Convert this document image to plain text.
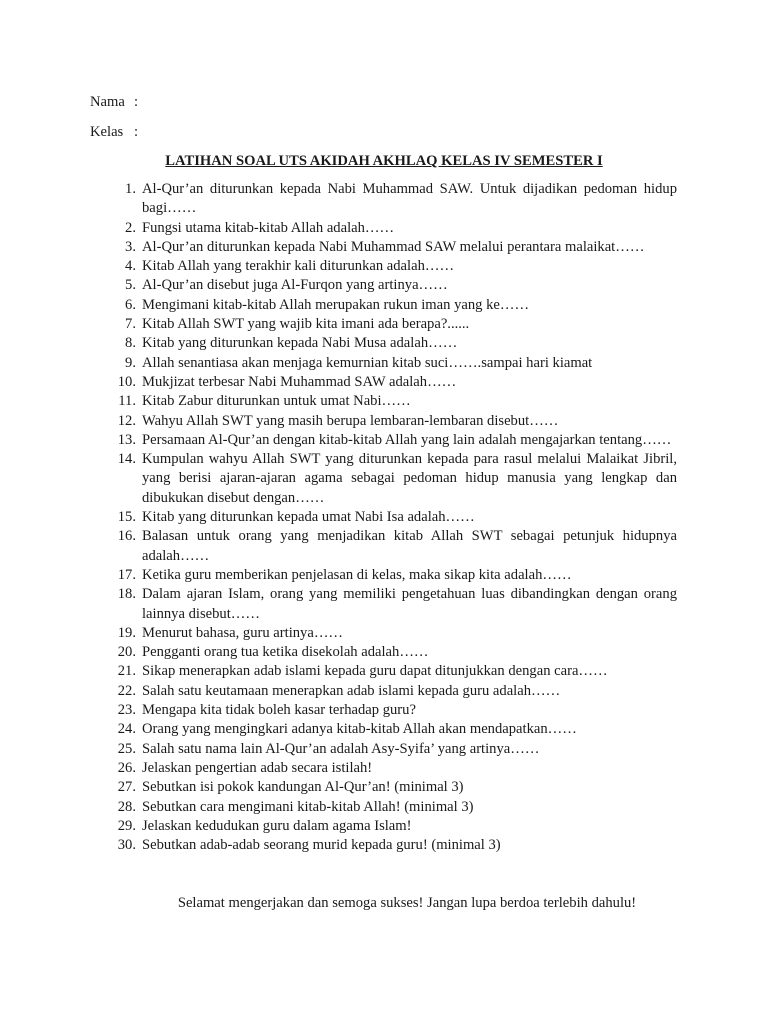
Nama :
Kelas :
LATIHAN SOAL UTS AKIDAH AKHLAQ KELAS IV SEMESTER I
1. Al-Qur’an diturunkan kepada Nabi Muhammad SAW. Untuk dijadikan pedoman hidup bagi……
2. Fungsi utama kitab-kitab Allah adalah……
3. Al-Qur’an diturunkan kepada Nabi Muhammad SAW melalui perantara malaikat……
4. Kitab Allah yang terakhir kali diturunkan adalah……
5. Al-Qur’an disebut juga Al-Furqon yang artinya……
6. Mengimani kitab-kitab Allah merupakan rukun iman yang ke……
7. Kitab Allah SWT yang wajib kita imani ada berapa?......
8. Kitab yang diturunkan kepada Nabi Musa adalah……
9. Allah senantiasa akan menjaga kemurnian kitab suci…….sampai hari kiamat
10. Mukjizat terbesar Nabi Muhammad SAW adalah……
11. Kitab Zabur diturunkan untuk umat Nabi……
12. Wahyu Allah SWT yang masih berupa lembaran-lembaran disebut……
13. Persamaan Al-Qur’an dengan kitab-kitab Allah yang lain adalah mengajarkan tentang……
14. Kumpulan wahyu Allah SWT yang diturunkan kepada para rasul melalui Malaikat Jibril, yang berisi ajaran-ajaran agama sebagai pedoman hidup manusia yang lengkap dan dibukukan disebut dengan……
15. Kitab yang diturunkan kepada umat Nabi Isa adalah……
16. Balasan untuk orang yang menjadikan kitab Allah SWT sebagai petunjuk hidupnya adalah……
17. Ketika guru memberikan penjelasan di kelas, maka sikap kita adalah……
18. Dalam ajaran Islam, orang yang memiliki pengetahuan luas dibandingkan dengan orang lainnya disebut……
19. Menurut bahasa, guru artinya……
20. Pengganti orang tua ketika disekolah adalah……
21. Sikap menerapkan adab islami kepada guru dapat ditunjukkan dengan cara……
22. Salah satu keutamaan menerapkan adab islami kepada guru adalah……
23. Mengapa kita tidak boleh kasar terhadap guru?
24. Orang yang mengingkari adanya kitab-kitab Allah akan mendapatkan……
25. Salah satu nama lain Al-Qur’an adalah Asy-Syifa’ yang artinya……
26. Jelaskan pengertian adab secara istilah!
27. Sebutkan isi pokok kandungan Al-Qur’an! (minimal 3)
28. Sebutkan cara mengimani kitab-kitab Allah! (minimal 3)
29. Jelaskan kedudukan guru dalam agama Islam!
30. Sebutkan adab-adab seorang murid kepada guru! (minimal 3)
Selamat mengerjakan dan semoga sukses! Jangan lupa berdoa terlebih dahulu!
